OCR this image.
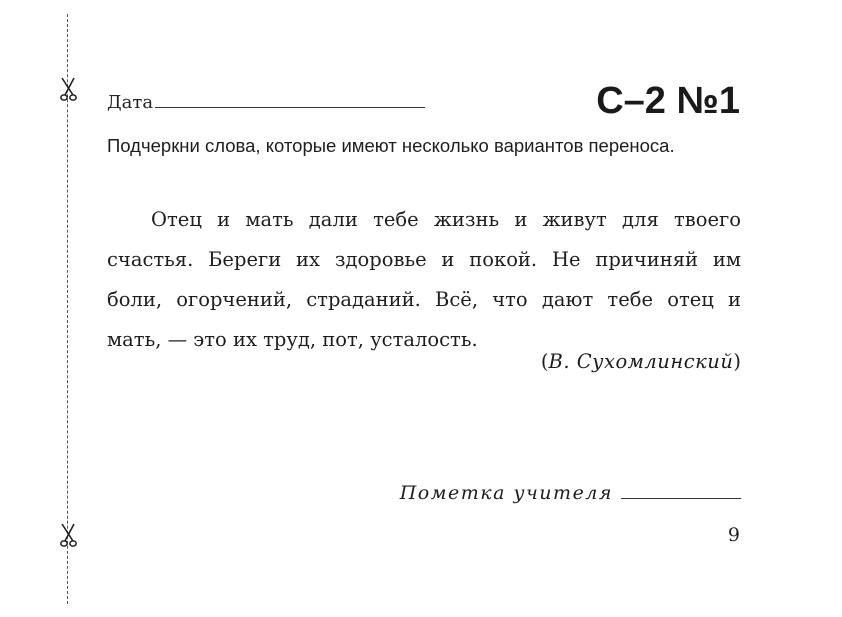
Дата	С–2 №1
Подчеркни слова, которые имеют несколько вариантов переноса.
Отец и мать дали тебе жизнь и живут для твоего
счастья. Береги их здоровье и покой. Не причиняй им
боли, огорчений, страданий. Всё, что дают тебе отец и
мать, — это их труд, пот, усталость.
(В. Сухомлинский)
Пометка учителя
9
